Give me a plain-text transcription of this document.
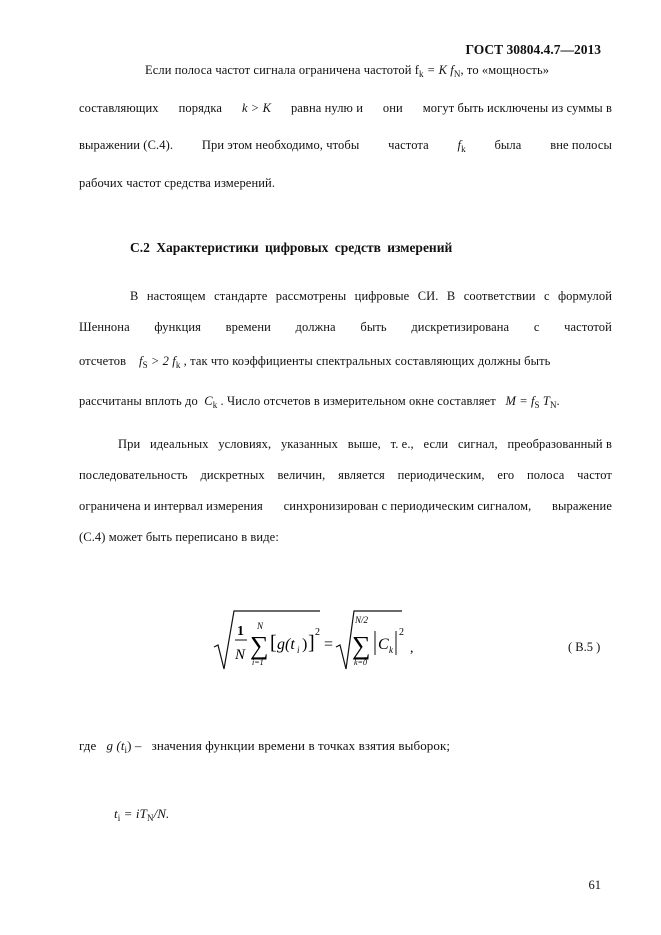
ГОСТ 30804.4.7—2013
Если полоса частот сигнала ограничена частотой $f_k = K$ $f_N$, то «мощность»
составляющих порядка k > K равна нулю и они могут быть исключены из суммы в
выражении (С.4). При этом необходимо, чтобы частота $f_k$ была вне полосы
рабочих частот средства измерений.
С.2 Характеристики цифровых средств измерений
В настоящем стандарте рассмотрены цифровые СИ. В соответствии с формулой
Шеннона функция времени должна быть дискретизирована с частотой
отсчетов $f_S > 2$ $f_k$ , так что коэффициенты спектральных составляющих должны быть
рассчитаны вплоть до $C_k$ . Число отсчетов в измерительном окне составляет $M = f_S$ $T_N$.
При идеальных условиях, указанных выше, т. е., если сигнал, преобразованный в
последовательность дискретных величин, является периодическим, его полоса частот
ограничена и интервал измерения синхронизирован с периодическим сигналом, выражение
(С.4) может быть переписано в виде:
1
N
N
∑
i=1
[ g(t i ) ] 2
=
N/2
∑
k=0
C k
2
,	( B.5 )
где g $(t_i)$ – значения функции времени в точках взятия выборок;
$t_i = iT_N/N$.
61
